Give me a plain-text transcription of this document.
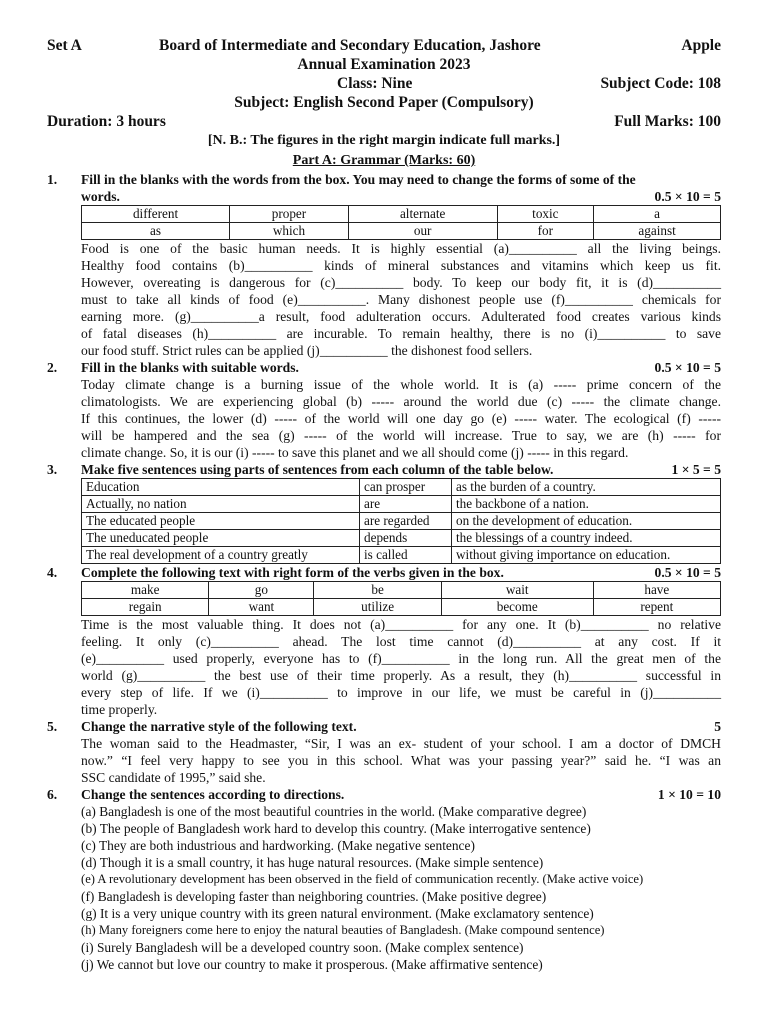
Set A	Board of Intermediate and Secondary Education, Jashore	Apple
Annual Examination 2023
Class: Nine	Subject Code: 108
Subject: English Second Paper (Compulsory)
Duration: 3 hours	Full Marks: 100
[N. B.: The figures in the right margin indicate full marks.]
Part A: Grammar (Marks: 60)
1.	Fill in the blanks with the words from the box. You may need to change the forms of some of the
words.	0.5 × 10 = 5
different	proper	alternate	toxic	a
as	which	our	for	against
Food is one of the basic human needs. It is highly essential (a)__________ all the living beings.
Healthy food contains (b)__________ kinds of mineral substances and vitamins which keep us fit.
However, overeating is dangerous for (c)__________ body. To keep our body fit, it is (d)__________
must to take all kinds of food (e)__________. Many dishonest people use (f)__________ chemicals for
earning more. (g)__________a result, food adulteration occurs. Adulterated food creates various kinds
of fatal diseases (h)__________ are incurable. To remain healthy, there is no (i)__________ to save
our food stuff. Strict rules can be applied (j)__________ the dishonest food sellers.
2.	Fill in the blanks with suitable words.	0.5 × 10 = 5
Today climate change is a burning issue of the whole world. It is (a) ----- prime concern of the
climatologists. We are experiencing global (b) ----- around the world due (c) ----- the climate change.
If this continues, the lower (d) ----- of the world will one day go (e) ----- water. The ecological (f) -----
will be hampered and the sea (g) ----- of the world will increase. True to say, we are (h) ----- for
climate change. So, it is our (i) ----- to save this planet and we all should come (j) ----- in this regard.
3.	Make five sentences using parts of sentences from each column of the table below.	1 × 5 = 5
Education	can prosper	as the burden of a country.
Actually, no nation	are	the backbone of a nation.
The educated people	are regarded	on the development of education.
The uneducated people	depends	the blessings of a country indeed.
The real development of a country greatly	is called	without giving importance on education.
4.	Complete the following text with right form of the verbs given in the box.	0.5 × 10 = 5
make	go	be	wait	have
regain	want	utilize	become	repent
Time is the most valuable thing. It does not (a)__________ for any one. It (b)__________ no relative
feeling. It only (c)__________ ahead. The lost time cannot (d)__________ at any cost. If it
(e)__________ used properly, everyone has to (f)__________ in the long run. All the great men of the
world (g)__________ the best use of their time properly. As a result, they (h)__________ successful in
every step of life. If we (i)__________ to improve in our life, we must be careful in (j)__________
time properly.
5.	Change the narrative style of the following text.	5
The woman said to the Headmaster, “Sir, I was an ex- student of your school. I am a doctor of DMCH
now.” “I feel very happy to see you in this school. What was your passing year?” said he. “I was an
SSC candidate of 1995,” said she.
6.	Change the sentences according to directions.	1 × 10 = 10
(a) Bangladesh is one of the most beautiful countries in the world. (Make comparative degree)
(b) The people of Bangladesh work hard to develop this country. (Make interrogative sentence)
(c) They are both industrious and hardworking. (Make negative sentence)
(d) Though it is a small country, it has huge natural resources. (Make simple sentence)
(e) A revolutionary development has been observed in the field of communication recently. (Make active voice)
(f) Bangladesh is developing faster than neighboring countries. (Make positive degree)
(g) It is a very unique country with its green natural environment. (Make exclamatory sentence)
(h) Many foreigners come here to enjoy the natural beauties of Bangladesh. (Make compound sentence)
(i) Surely Bangladesh will be a developed country soon. (Make complex sentence)
(j) We cannot but love our country to make it prosperous. (Make affirmative sentence)
